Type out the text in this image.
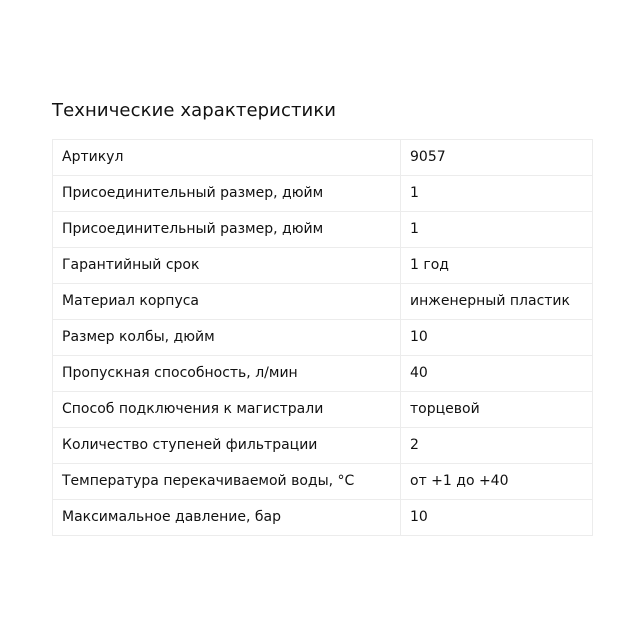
Технические характеристики
Артикул	9057
Присоединительный размер, дюйм	1
Присоединительный размер, дюйм	1
Гарантийный срок	1 год
Материал корпуса	инженерный пластик
Размер колбы, дюйм	10
Пропускная способность, л/мин	40
Способ подключения к магистрали	торцевой
Количество ступеней фильтрации	2
Температура перекачиваемой воды, °С	от +1 до +40
Максимальное давление, бар	10
